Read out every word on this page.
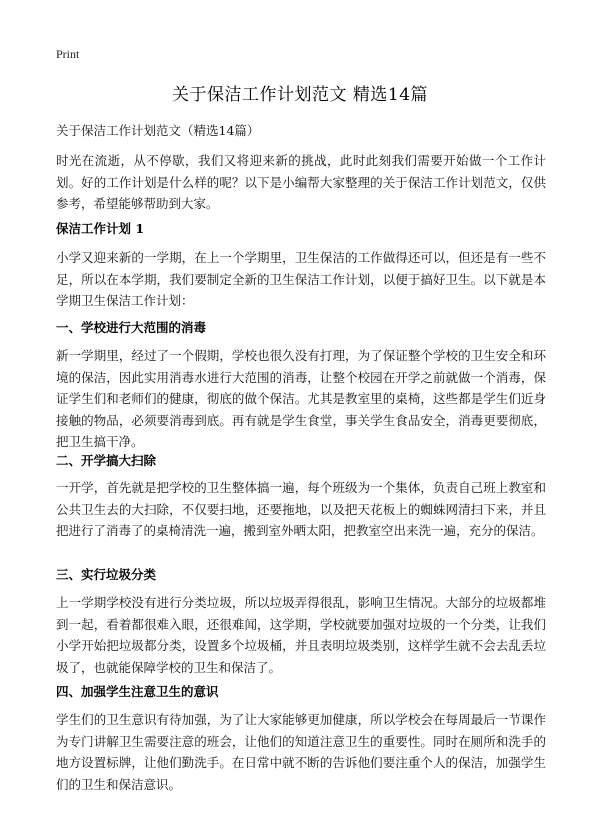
Print
关于保洁工作计划范文 精选14篇
关于保洁工作计划范文（精选14篇）
时光在流逝，从不停歇，我们又将迎来新的挑战，此时此刻我们需要开始做一个工作计划。好的工作计划是什么样的呢？以下是小编帮大家整理的关于保洁工作计划范文，仅供参考，希望能够帮助到大家。
保洁工作计划 1
小学又迎来新的一学期，在上一个学期里，卫生保洁的工作做得还可以，但还是有一些不足，所以在本学期，我们要制定全新的卫生保洁工作计划，以便于搞好卫生。以下就是本学期卫生保洁工作计划：
一、学校进行大范围的消毒
新一学期里，经过了一个假期，学校也很久没有打理，为了保证整个学校的卫生安全和环境的保洁，因此实用消毒水进行大范围的消毒，让整个校园在开学之前就做一个消毒，保证学生们和老师们的健康，彻底的做个保洁。尤其是教室里的桌椅，这些都是学生们近身接触的物品，必须要消毒到底。再有就是学生食堂，事关学生食品安全，消毒更要彻底，把卫生搞干净。
二、开学搞大扫除
一开学，首先就是把学校的卫生整体搞一遍，每个班级为一个集体，负责自己班上教室和公共卫生去的大扫除，不仅要扫地，还要拖地，以及把天花板上的蜘蛛网清扫下来，并且把进行了消毒了的桌椅清洗一遍，搬到室外晒太阳，把教室空出来洗一遍，充分的保洁。
三、实行垃圾分类
上一学期学校没有进行分类垃圾，所以垃圾弄得很乱，影响卫生情况。大部分的垃圾都堆到一起，看着都很难入眼，还很难闻，这学期，学校就要加强对垃圾的一个分类，让我们小学开始把垃圾都分类，设置多个垃圾桶，并且表明垃圾类别，这样学生就不会去乱丢垃圾了，也就能保障学校的卫生和保洁了。
四、加强学生注意卫生的意识
学生们的卫生意识有待加强，为了让大家能够更加健康，所以学校会在每周最后一节课作为专门讲解卫生需要注意的班会，让他们的知道注意卫生的重要性。同时在厕所和洗手的地方设置标牌，让他们勤洗手。在日常中就不断的告诉他们要注重个人的保洁，加强学生们的卫生和保洁意识。
